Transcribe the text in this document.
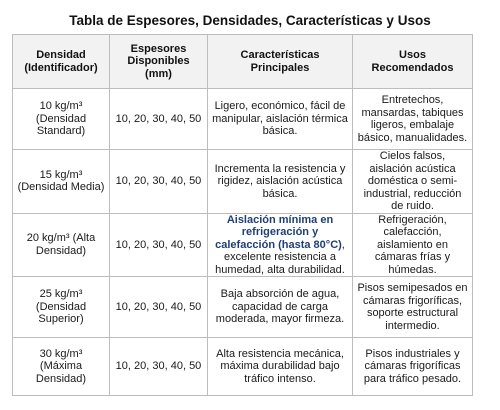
Tabla de Espesores, Densidades, Características y Usos
Densidad (Identificador)	Espesores Disponibles (mm)	Características Principales	Usos Recomendados
10 kg/m³ (Densidad Standard)	10, 20, 30, 40, 50	Ligero, económico, fácil de manipular, aislación térmica básica.	Entretechos, mansardas, tabiques ligeros, embalaje básico, manualidades.
15 kg/m³ (Densidad Media)	10, 20, 30, 40, 50	Incrementa la resistencia y rigidez, aislación acústica básica.	Cielos falsos, aislación acústica doméstica o semi-industrial, reducción de ruido.
20 kg/m³ (Alta Densidad)	10, 20, 30, 40, 50	Aislación mínima en refrigeración y calefacción (hasta 80°C), excelente resistencia a humedad, alta durabilidad.	Refrigeración, calefacción, aislamiento en cámaras frías y húmedas.
25 kg/m³ (Densidad Superior)	10, 20, 30, 40, 50	Baja absorción de agua, capacidad de carga moderada, mayor firmeza.	Pisos semipesados en cámaras frigoríficas, soporte estructural intermedio.
30 kg/m³ (Máxima Densidad)	10, 20, 30, 40, 50	Alta resistencia mecánica, máxima durabilidad bajo tráfico intenso.	Pisos industriales y cámaras frigoríficas para tráfico pesado.
